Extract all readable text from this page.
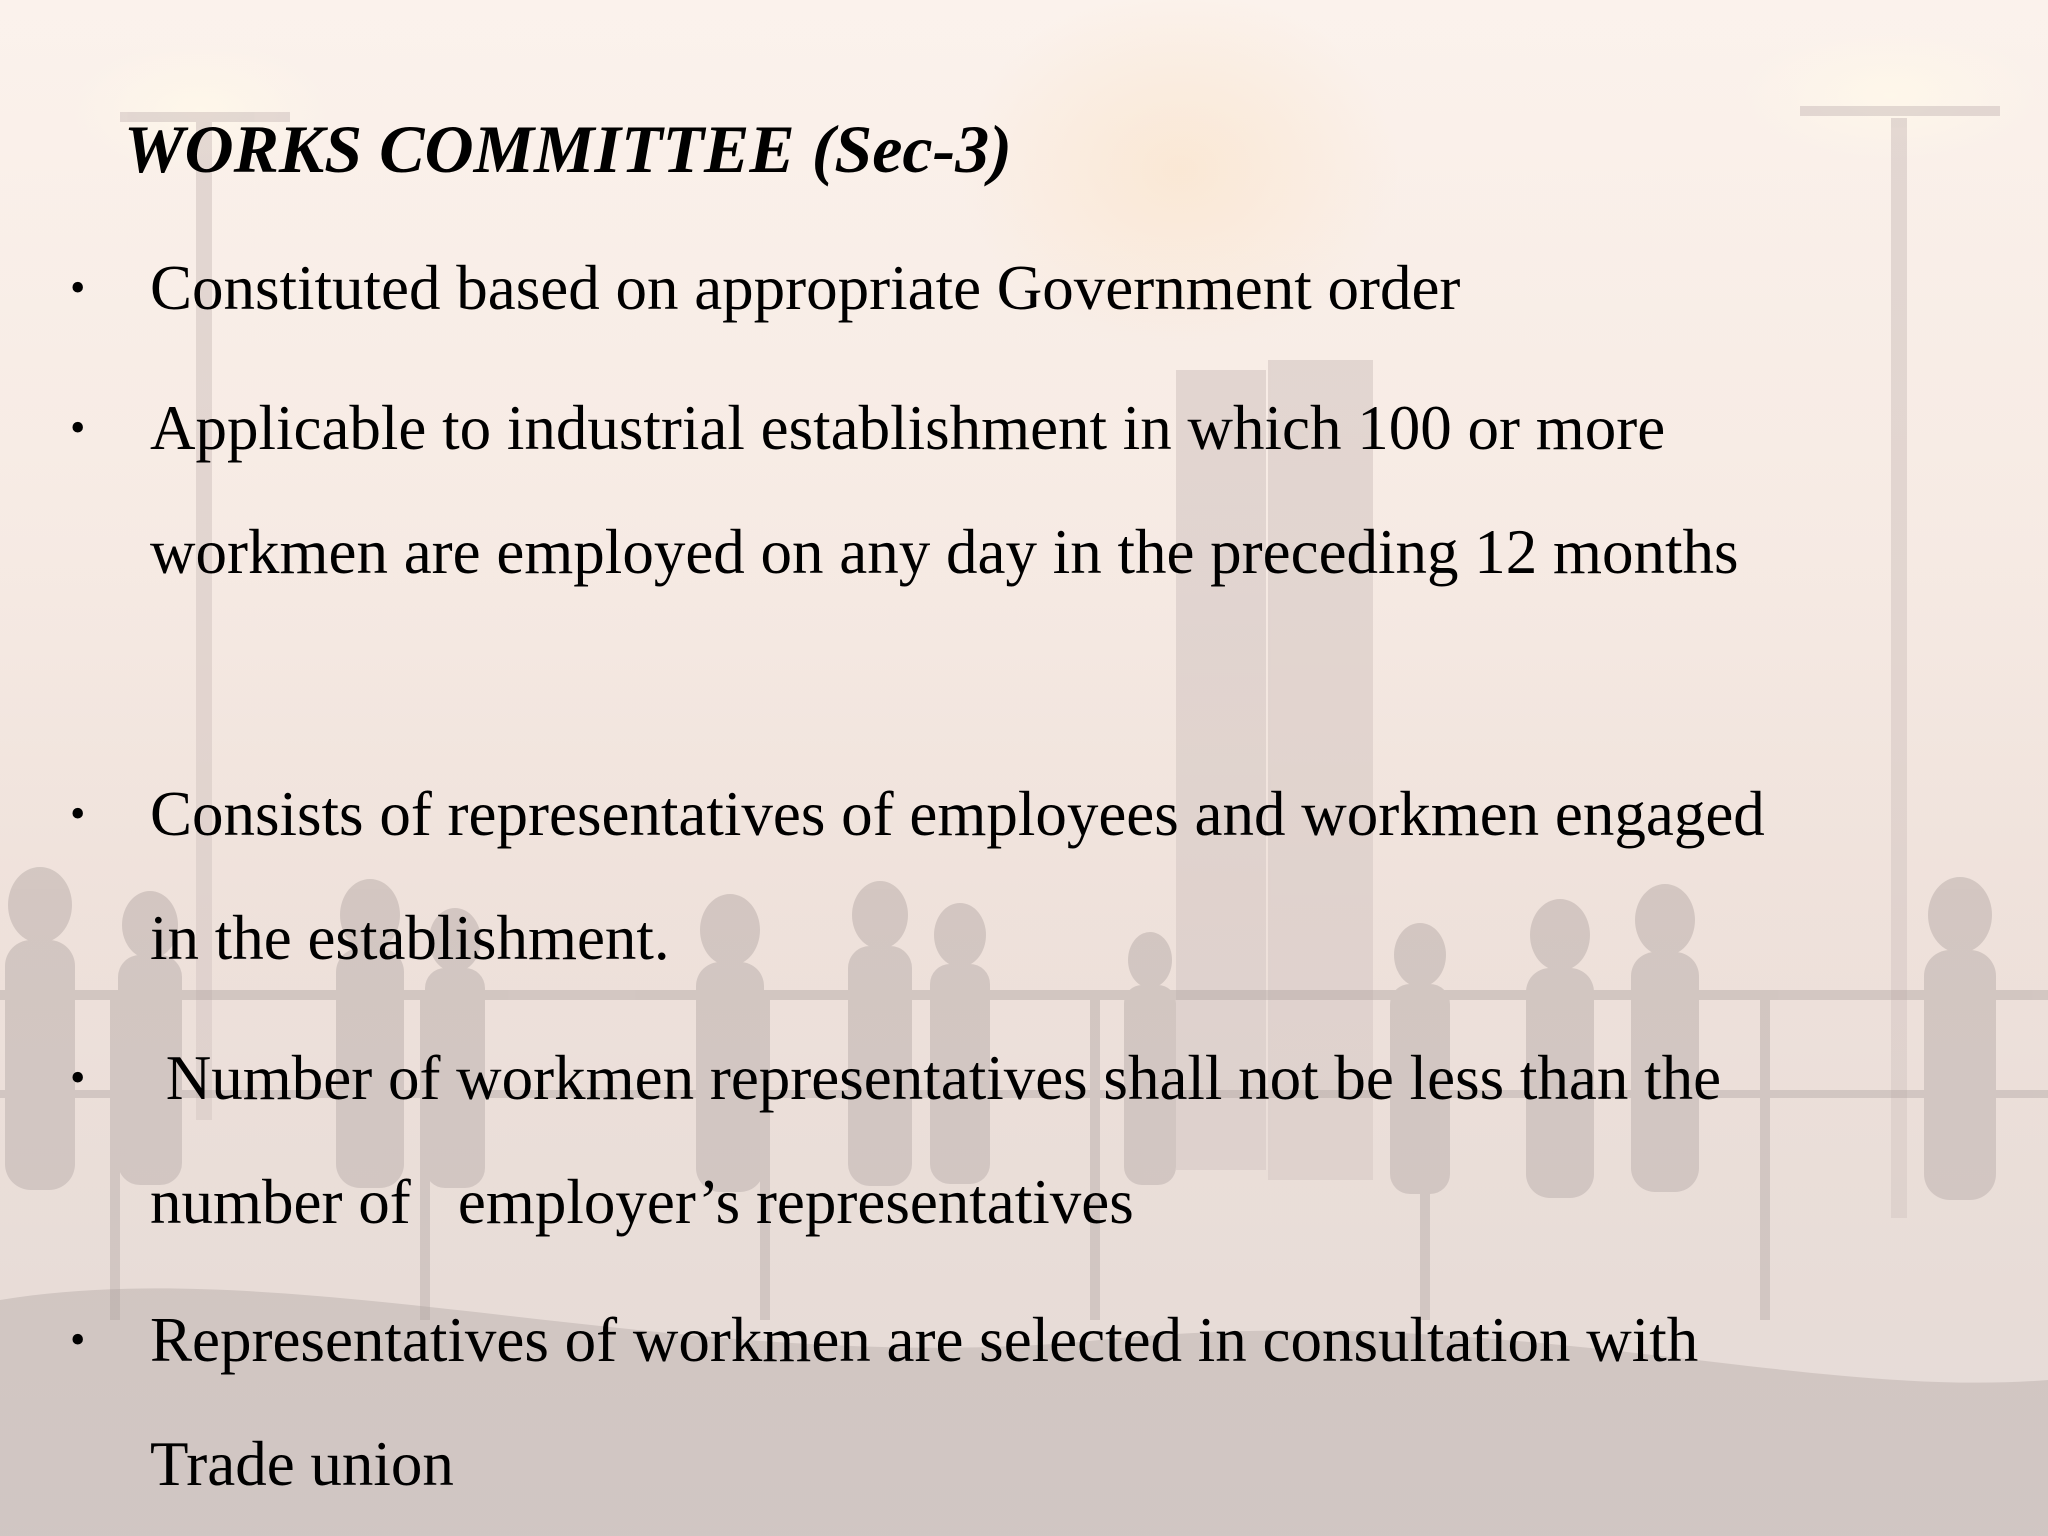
WORKS COMMITTEE (Sec-3)
• Constituted based on appropriate Government order
• Applicable to industrial establishment in which 100 or more
workmen are employed on any day in the preceding 12 months
• Consists of representatives of employees and workmen engaged
in the establishment.
• Number of workmen representatives shall not be less than the
number of   employer’s representatives
• Representatives of workmen are selected in consultation with
Trade union
